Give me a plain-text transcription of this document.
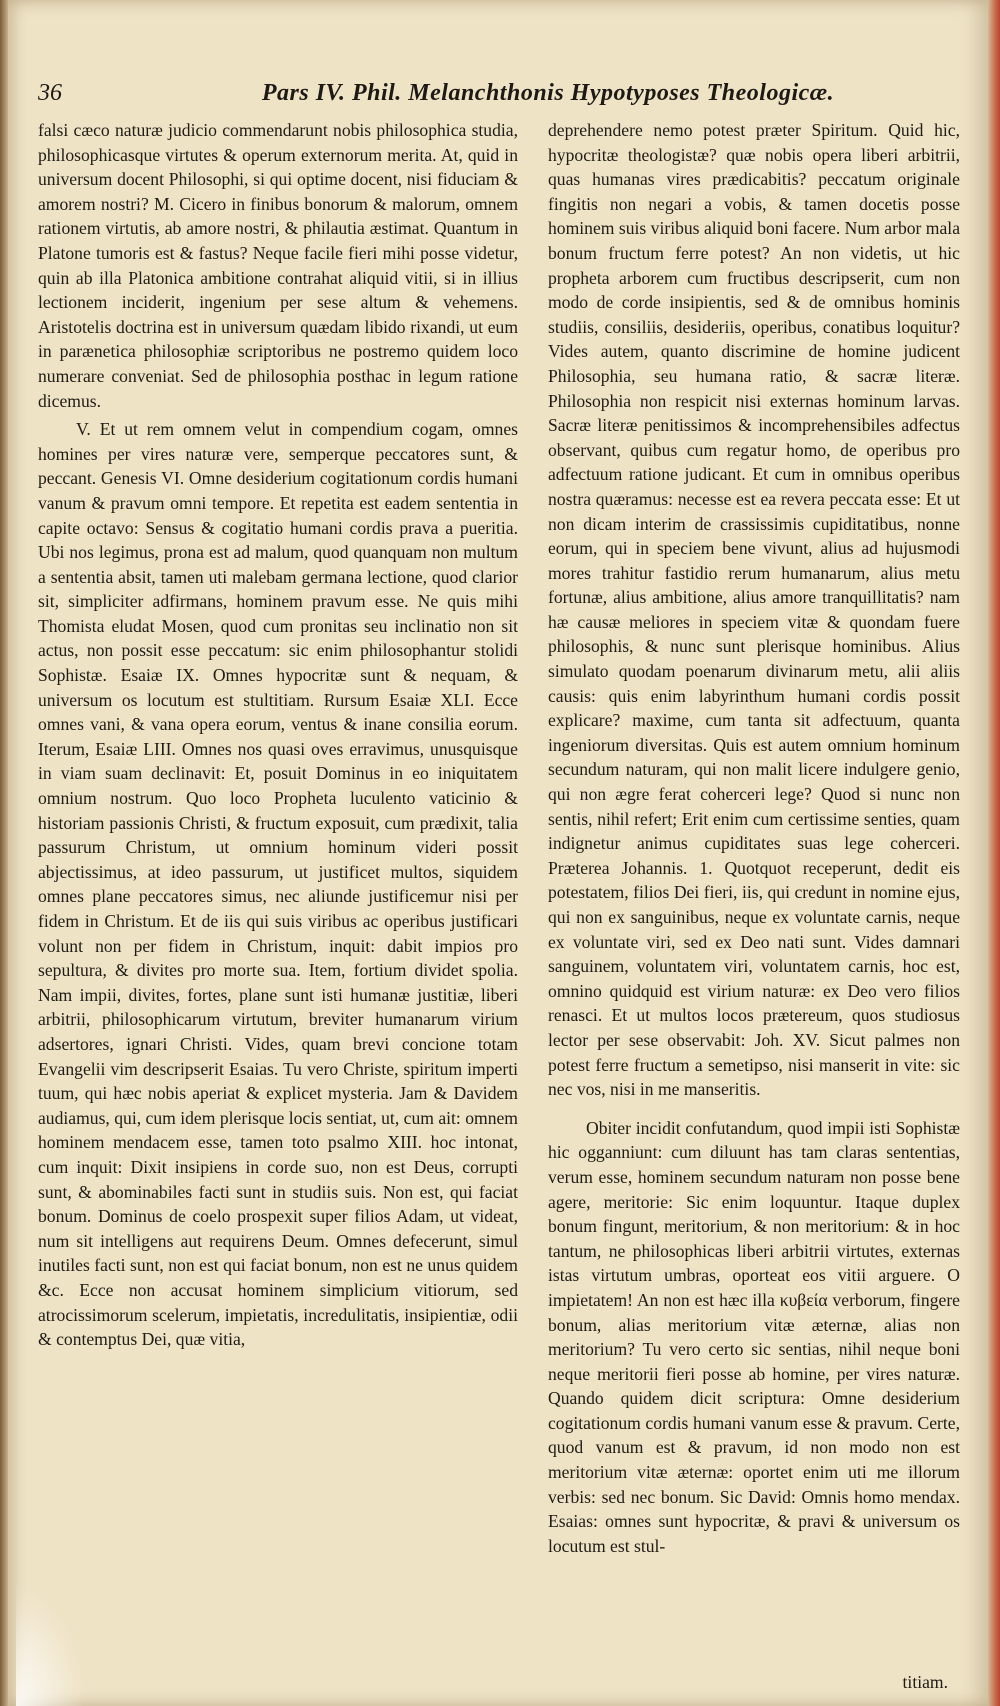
36	Pars IV. Phil. Melanchthonis Hypotyposes Theologicæ.

falsi cæco naturæ judicio commendarunt nobis philosophica studia, philosophicasque virtutes & operum externorum merita. At, quid in universum docent Philosophi, si qui optime docent, nisi fiduciam & amorem nostri? M. Cicero in finibus bonorum & malorum, omnem rationem virtutis, ab amore nostri, & philautia æstimat. Quantum in Platone tumoris est & fastus? Neque facile fieri mihi posse videtur, quin ab illa Platonica ambitione contrahat aliquid vitii, si in illius lectionem inciderit, ingenium per sese altum & vehemens. Aristotelis doctrina est in universum quædam libido rixandi, ut eum in parænetica philosophiæ scriptoribus ne postremo quidem loco numerare conveniat. Sed de philosophia posthac in legum ratione dicemus.

V. Et ut rem omnem velut in compendium cogam, omnes homines per vires naturæ vere, semperque peccatores sunt, & peccant. Genesis VI. Omne desiderium cogitationum cordis humani vanum & pravum omni tempore. Et repetita est eadem sententia in capite octavo: Sensus & cogitatio humani cordis prava a pueritia. Ubi nos legimus, prona est ad malum, quod quanquam non multum a sententia absit, tamen uti malebam germana lectione, quod clarior sit, simpliciter adfirmans, hominem pravum esse. Ne quis mihi Thomista eludat Mosen, quod cum pronitas seu inclinatio non sit actus, non possit esse peccatum: sic enim philosophantur stolidi Sophistæ. Esaiæ IX. Omnes hypocritæ sunt & nequam, & universum os locutum est stultitiam. Rursum Esaiæ XLI. Ecce omnes vani, & vana opera eorum, ventus & inane consilia eorum. Iterum, Esaiæ LIII. Omnes nos quasi oves erravimus, unusquisque in viam suam declinavit: Et, posuit Dominus in eo iniquitatem omnium nostrum. Quo loco Propheta luculento vaticinio & historiam passionis Christi, & fructum exposuit, cum prædixit, talia passurum Christum, ut omnium hominum videri possit abjectissimus, at ideo passurum, ut justificet multos, siquidem omnes plane peccatores simus, nec aliunde justificemur nisi per fidem in Christum. Et de iis qui suis viribus ac operibus justificari volunt non per fidem in Christum, inquit: dabit impios pro sepultura, & divites pro morte sua. Item, fortium dividet spolia. Nam impii, divites, fortes, plane sunt isti humanæ justitiæ, liberi arbitrii, philosophicarum virtutum, breviter humanarum virium adsertores, ignari Christi. Vides, quam brevi concione totam Evangelii vim descripserit Esaias. Tu vero Christe, spiritum imperti tuum, qui hæc nobis aperiat & explicet mysteria. Jam & Davidem audiamus, qui, cum idem plerisque locis sentiat, ut, cum ait: omnem hominem mendacem esse, tamen toto psalmo XIII. hoc intonat, cum inquit: Dixit insipiens in corde suo, non est Deus, corrupti sunt, & abominabiles facti sunt in studiis suis. Non est, qui faciat bonum. Dominus de coelo prospexit super filios Adam, ut videat, num sit intelligens aut requirens Deum. Omnes defecerunt, simul inutiles facti sunt, non est qui faciat bonum, non est ne unus quidem &c. Ecce non accusat hominem simplicium vitiorum, sed atrocissimorum scelerum, impietatis, incredulitatis, insipientiæ, odii & contemptus Dei, quæ vitia,

deprehendere nemo potest præter Spiritum. Quid hic, hypocritæ theologistæ? quæ nobis opera liberi arbitrii, quas humanas vires prædicabitis? peccatum originale fingitis non negari a vobis, & tamen docetis posse hominem suis viribus aliquid boni facere. Num arbor mala bonum fructum ferre potest? An non videtis, ut hic propheta arborem cum fructibus descripserit, cum non modo de corde insipientis, sed & de omnibus hominis studiis, consiliis, desideriis, operibus, conatibus loquitur? Vides autem, quanto discrimine de homine judicent Philosophia, seu humana ratio, & sacræ literæ. Philosophia non respicit nisi externas hominum larvas. Sacræ literæ penitissimos & incomprehensibiles adfectus observant, quibus cum regatur homo, de operibus pro adfectuum ratione judicant. Et cum in omnibus operibus nostra quæramus: necesse est ea revera peccata esse: Et ut non dicam interim de crassissimis cupiditatibus, nonne eorum, qui in speciem bene vivunt, alius ad hujusmodi mores trahitur fastidio rerum humanarum, alius metu fortunæ, alius ambitione, alius amore tranquillitatis? nam hæ causæ meliores in speciem vitæ & quondam fuere philosophis, & nunc sunt plerisque hominibus. Alius simulato quodam poenarum divinarum metu, alii aliis causis: quis enim labyrinthum humani cordis possit explicare? maxime, cum tanta sit adfectuum, quanta ingeniorum diversitas. Quis est autem omnium hominum secundum naturam, qui non malit licere indulgere genio, qui non ægre ferat coherceri lege? Quod si nunc non sentis, nihil refert; Erit enim cum certissime senties, quam indignetur animus cupiditates suas lege coherceri. Præterea Johannis. 1. Quotquot receperunt, dedit eis potestatem, filios Dei fieri, iis, qui credunt in nomine ejus, qui non ex sanguinibus, neque ex voluntate carnis, neque ex voluntate viri, sed ex Deo nati sunt. Vides damnari sanguinem, voluntatem viri, voluntatem carnis, hoc est, omnino quidquid est virium naturæ: ex Deo vero filios renasci. Et ut multos locos prætereum, quos studiosus lector per sese observabit: Joh. XV. Sicut palmes non potest ferre fructum a semetipso, nisi manserit in vite: sic nec vos, nisi in me manseritis.

Obiter incidit confutandum, quod impii isti Sophistæ hic ogganniunt: cum diluunt has tam claras sententias, verum esse, hominem secundum naturam non posse bene agere, meritorie: Sic enim loquuntur. Itaque duplex bonum fingunt, meritorium, & non meritorium: & in hoc tantum, ne philosophicas liberi arbitrii virtutes, externas istas virtutum umbras, oporteat eos vitii arguere. O impietatem! An non est hæc illa κυβεία verborum, fingere bonum, alias meritorium vitæ æternæ, alias non meritorium? Tu vero certo sic sentias, nihil neque boni neque meritorii fieri posse ab homine, per vires naturæ. Quando quidem dicit scriptura: Omne desiderium cogitationum cordis humani vanum esse & pravum. Certe, quod vanum est & pravum, id non modo non est meritorium vitæ æternæ: oportet enim uti me illorum verbis: sed nec bonum. Sic David: Omnis homo mendax. Esaias: omnes sunt hypocritæ, & pravi & universum os locutum est stul-

titiam.
